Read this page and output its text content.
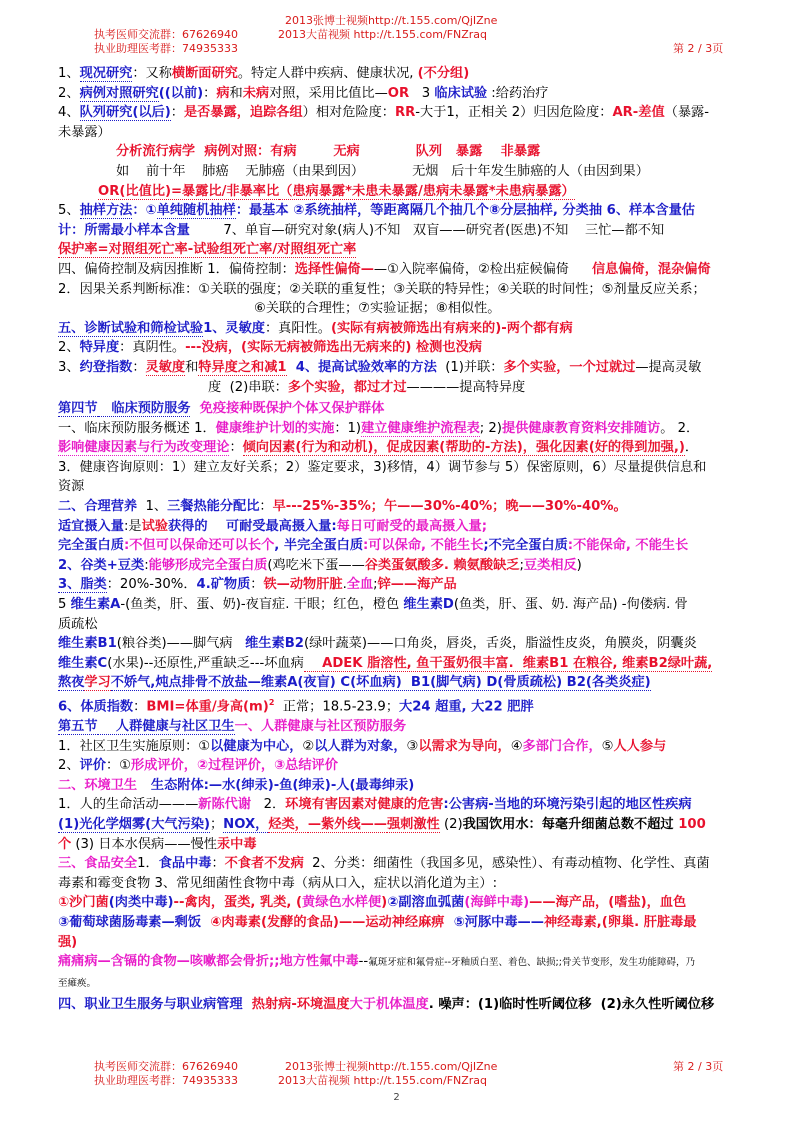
2013张博士视频http://t.155.com/QjIZne
执考医师交流群：67626940	2013大苗视频 http://t.155.com/FNZraq
执业助理医考群：74935333	第 2 / 3页
1、现况研究：又称横断面研究。特定人群中疾病、健康状况, (不分组)
2、病例对照研究((以前)：病和未病对照，采用比值比—OR   3 临床试验 :给药治疗
4、队列研究(以后)：是否暴露，追踪各组）相对危险度：RR-大于1，正相关 2）归因危险度：AR-差值（暴露-
未暴露）
分析流行病学  病例对照：有病        无病	队列   暴露    非暴露
如    前十年    肺癌    无肺癌（由果到因）	无烟   后十年发生肺癌的人（由因到果）
OR(比值比)=暴露比/非暴率比（患病暴露*未患未暴露/患病未暴露*未患病暴露）
5、抽样方法：①单纯随机抽样：最基本 ②系统抽样，等距离隔几个抽几个⑧分层抽样, 分类抽 6、样本含量估
计：所需最小样本含量        7、单盲—研究对象(病人)不知   双盲——研究者(医患)不知    三忙—都不知
保护率=对照组死亡率-试验组死亡率/对照组死亡率
四、偏倚控制及病因推断 1．偏倚控制：选择性偏倚——①入院率偏倚，②检出症候偏倚     信息偏倚，混杂偏倚
2．因果关系判断标准：①关联的强度；②关联的重复性；③关联的特异性；④关联的时间性；⑤剂量反应关系；
⑥关联的合理性；⑦实验证据；⑧相似性。
五、诊断试验和筛检试验1、灵敏度：真阳性。(实际有病被筛选出有病来的)-两个都有病
2、特异度：真阴性。---没病，(实际无病被筛选出无病来的) 检测也没病
3、约登指数：灵敏度和特异度之和减1  4、提高试验效率的方法  (1)并联：多个实验，一个过就过—提高灵敏
度  (2)串联：多个实验，都过才过————提高特异度
第四节   临床预防服务  免疫接种既保护个体又保护群体
一、临床预防服务概述 1．健康维护计划的实施：1)建立健康维护流程表; 2)提供健康教育资料安排随访。 2．
影响健康因素与行为改变理论：倾向因素(行为和动机)，促成因素(帮助的-方法)，强化因素(好的得到加强,)．
3．健康咨询原则：1）建立友好关系；2）鉴定要求，3)移情，4）调节参与 5）保密原则，6）尽量提供信息和
资源
二、合理营养  1、三餐热能分配比：早---25%-35%；午——30%-40%；晚——30%-40%。
适宜摄入量:是试验获得的    可耐受最高摄入量:每日可耐受的最高摄入量;
完全蛋白质:不但可以保命还可以长个, 半完全蛋白质:可以保命, 不能生长;不完全蛋白质:不能保命, 不能生长
2、谷类+豆类:能够形成完全蛋白质(鸡吃米下蛋——谷类蛋氨酸多. 赖氨酸缺乏;豆类相反)
3、脂类：20%-30%．4.矿物质：铁—动物肝脏.全血;锌——海产品
5 维生素A-(鱼类，肝、蛋、奶)-夜盲症. 干眼；红色，橙色 维生素D(鱼类，肝、蛋、奶. 海产品) -佝偻病. 骨
质疏松
维生素B1(粮谷类)——脚气病   维生素B2(绿叶蔬菜)——口角炎，唇炎，舌炎，脂溢性皮炎，角膜炎，阴囊炎
维生素C(水果)--还原性,严重缺乏---坏血病    ADEK 脂溶性, 鱼干蛋奶很丰富.  维素B1 在粮谷, 维素B2绿叶蔬,
熬夜学习不娇气,炖点排骨不放盐—维素A(夜盲) C(坏血病)  B1(脚气病) D(骨质疏松) B2(各类炎症)
6、体质指数：BMI=体重/身高$(m)^2$  正常；18.5-23.9；大24 超重, 大22 肥胖
第五节    人群健康与社区卫生一、人群健康与社区预防服务
1．社区卫生实施原则：①以健康为中心，②以人群为对象，③以需求为导向，④多部门合作，⑤人人参与
2、评价：①形成评价，②过程评价，③总结评价
二、环境卫生   生态附体:—水(绅汞)-鱼(绅汞)-人(最毒绅汞)
1．人的生命活动———新陈代谢   2．环境有害因素对健康的危害:公害病-当地的环境污染引起的地区性疾病
(1)光化学烟雾(大气污染)；NOX，烃类，—紫外线——强刺激性 (2)我国饮用水：每毫升细菌总数不超过 100
个 (3) 日本水俣病——慢性汞中毒
三、食品安全1．食品中毒：不食者不发病  2、分类：细菌性（我国多见，感染性）、有毒动植物、化学性、真菌
毒素和霉变食物 3、常见细菌性食物中毒（病从口入，症状以消化道为主）:
①沙门菌(肉类中毒)--禽肉，蛋类, 乳类, (黄绿色水样便)②副溶血弧菌(海鲜中毒)——海产品，(嗜盐)，血色
③葡萄球菌肠毒素—剩饭  ④肉毒素(发酵的食品)——运动神经麻痹  ⑤河豚中毒——神经毒素,(卵巢. 肝脏毒最
强)
痛痛病—含镉的食物—咳嗽都会骨折;;地方性氟中毒--氟斑牙症和氟骨症--牙釉质白垩、着色、缺损;;骨关节变形，发生功能障碍，乃
至瘫痪。
四、职业卫生服务与职业病管理  热射病-环境温度大于机体温度. 噪声：(1)临时性听阈位移  (2)永久性听阈位移
执考医师交流群：67626940	2013张博士视频http://t.155.com/QjIZne	第 2 / 3页
执业助理医考群：74935333	2013大苗视频 http://t.155.com/FNZraq
2
